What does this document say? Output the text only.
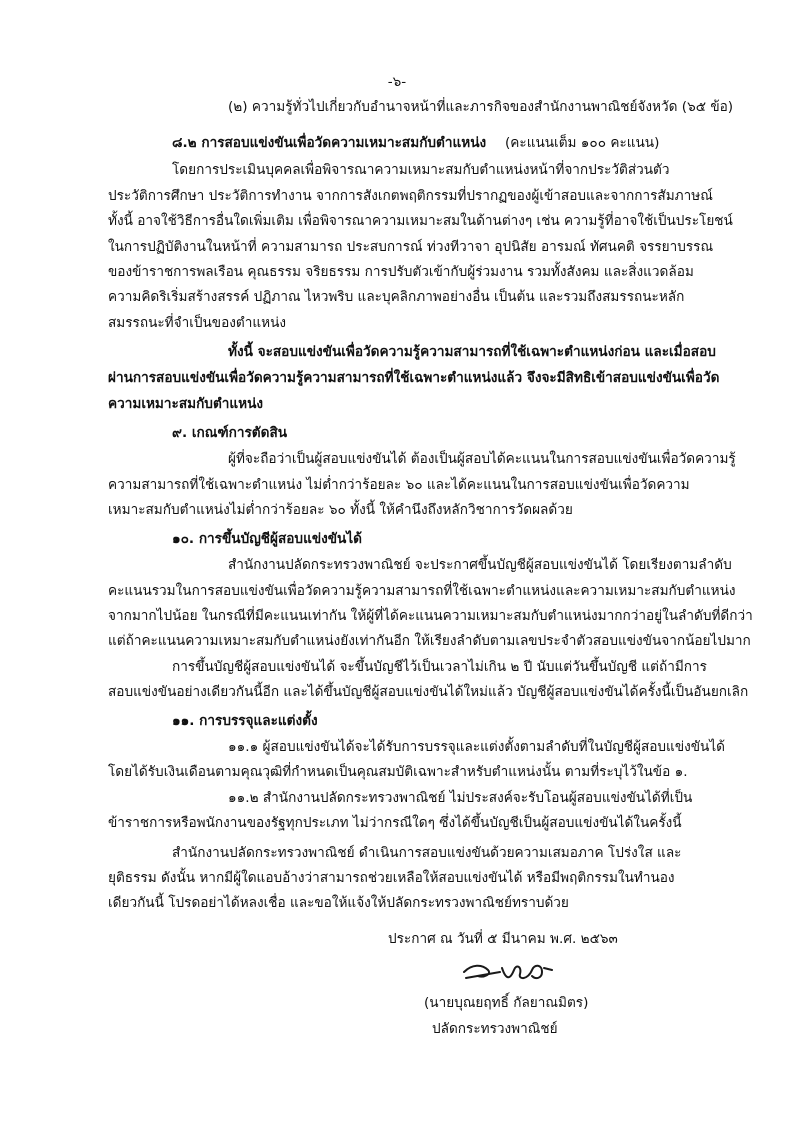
-๖-
(๒) ความรู้ทั่วไปเกี่ยวกับอำนาจหน้าที่และภารกิจของสำนักงานพาณิชย์จังหวัด (๖๕ ข้อ)
๘.๒ การสอบแข่งขันเพื่อวัดความเหมาะสมกับตำแหน่ง (คะแนนเต็ม ๑๐๐ คะแนน)
โดยการประเมินบุคคลเพื่อพิจารณาความเหมาะสมกับตำแหน่งหน้าที่จากประวัติส่วนตัว
ประวัติการศึกษา ประวัติการทำงาน จากการสังเกตพฤติกรรมที่ปรากฏของผู้เข้าสอบและจากการสัมภาษณ์
ทั้งนี้ อาจใช้วิธีการอื่นใดเพิ่มเติม เพื่อพิจารณาความเหมาะสมในด้านต่างๆ เช่น ความรู้ที่อาจใช้เป็นประโยชน์
ในการปฏิบัติงานในหน้าที่ ความสามารถ ประสบการณ์ ท่วงทีวาจา อุปนิสัย อารมณ์ ทัศนคติ จรรยาบรรณ
ของข้าราชการพลเรือน คุณธรรม จริยธรรม การปรับตัวเข้ากับผู้ร่วมงาน รวมทั้งสังคม และสิ่งแวดล้อม
ความคิดริเริ่มสร้างสรรค์ ปฏิภาณ ไหวพริบ และบุคลิกภาพอย่างอื่น เป็นต้น และรวมถึงสมรรถนะหลัก
สมรรถนะที่จำเป็นของตำแหน่ง
ทั้งนี้ จะสอบแข่งขันเพื่อวัดความรู้ความสามารถที่ใช้เฉพาะตำแหน่งก่อน และเมื่อสอบ
ผ่านการสอบแข่งขันเพื่อวัดความรู้ความสามารถที่ใช้เฉพาะตำแหน่งแล้ว จึงจะมีสิทธิเข้าสอบแข่งขันเพื่อวัด
ความเหมาะสมกับตำแหน่ง
๙. เกณฑ์การตัดสิน
ผู้ที่จะถือว่าเป็นผู้สอบแข่งขันได้ ต้องเป็นผู้สอบได้คะแนนในการสอบแข่งขันเพื่อวัดความรู้
ความสามารถที่ใช้เฉพาะตำแหน่ง ไม่ต่ำกว่าร้อยละ ๖๐ และได้คะแนนในการสอบแข่งขันเพื่อวัดความ
เหมาะสมกับตำแหน่งไม่ต่ำกว่าร้อยละ ๖๐ ทั้งนี้ ให้คำนึงถึงหลักวิชาการวัดผลด้วย
๑๐. การขึ้นบัญชีผู้สอบแข่งขันได้
สำนักงานปลัดกระทรวงพาณิชย์ จะประกาศขึ้นบัญชีผู้สอบแข่งขันได้ โดยเรียงตามลำดับ
คะแนนรวมในการสอบแข่งขันเพื่อวัดความรู้ความสามารถที่ใช้เฉพาะตำแหน่งและความเหมาะสมกับตำแหน่ง
จากมากไปน้อย ในกรณีที่มีคะแนนเท่ากัน ให้ผู้ที่ได้คะแนนความเหมาะสมกับตำแหน่งมากกว่าอยู่ในลำดับที่ดีกว่า
แต่ถ้าคะแนนความเหมาะสมกับตำแหน่งยังเท่ากันอีก ให้เรียงลำดับตามเลขประจำตัวสอบแข่งขันจากน้อยไปมาก
การขึ้นบัญชีผู้สอบแข่งขันได้ จะขึ้นบัญชีไว้เป็นเวลาไม่เกิน ๒ ปี นับแต่วันขึ้นบัญชี แต่ถ้ามีการ
สอบแข่งขันอย่างเดียวกันนี้อีก และได้ขึ้นบัญชีผู้สอบแข่งขันได้ใหม่แล้ว บัญชีผู้สอบแข่งขันได้ครั้งนี้เป็นอันยกเลิก
๑๑. การบรรจุและแต่งตั้ง
๑๑.๑ ผู้สอบแข่งขันได้จะได้รับการบรรจุและแต่งตั้งตามลำดับที่ในบัญชีผู้สอบแข่งขันได้
โดยได้รับเงินเดือนตามคุณวุฒิที่กำหนดเป็นคุณสมบัติเฉพาะสำหรับตำแหน่งนั้น ตามที่ระบุไว้ในข้อ ๑.
๑๑.๒ สำนักงานปลัดกระทรวงพาณิชย์ ไม่ประสงค์จะรับโอนผู้สอบแข่งขันได้ที่เป็น
ข้าราชการหรือพนักงานของรัฐทุกประเภท ไม่ว่ากรณีใดๆ ซึ่งได้ขึ้นบัญชีเป็นผู้สอบแข่งขันได้ในครั้งนี้
สำนักงานปลัดกระทรวงพาณิชย์ ดำเนินการสอบแข่งขันด้วยความเสมอภาค โปร่งใส และ
ยุติธรรม ดังนั้น หากมีผู้ใดแอบอ้างว่าสามารถช่วยเหลือให้สอบแข่งขันได้ หรือมีพฤติกรรมในทำนอง
เดียวกันนี้ โปรดอย่าได้หลงเชื่อ และขอให้แจ้งให้ปลัดกระทรวงพาณิชย์ทราบด้วย
ประกาศ ณ วันที่ ๕ มีนาคม พ.ศ. ๒๕๖๓
(นายบุณยฤทธิ์ กัลยาณมิตร)
ปลัดกระทรวงพาณิชย์
